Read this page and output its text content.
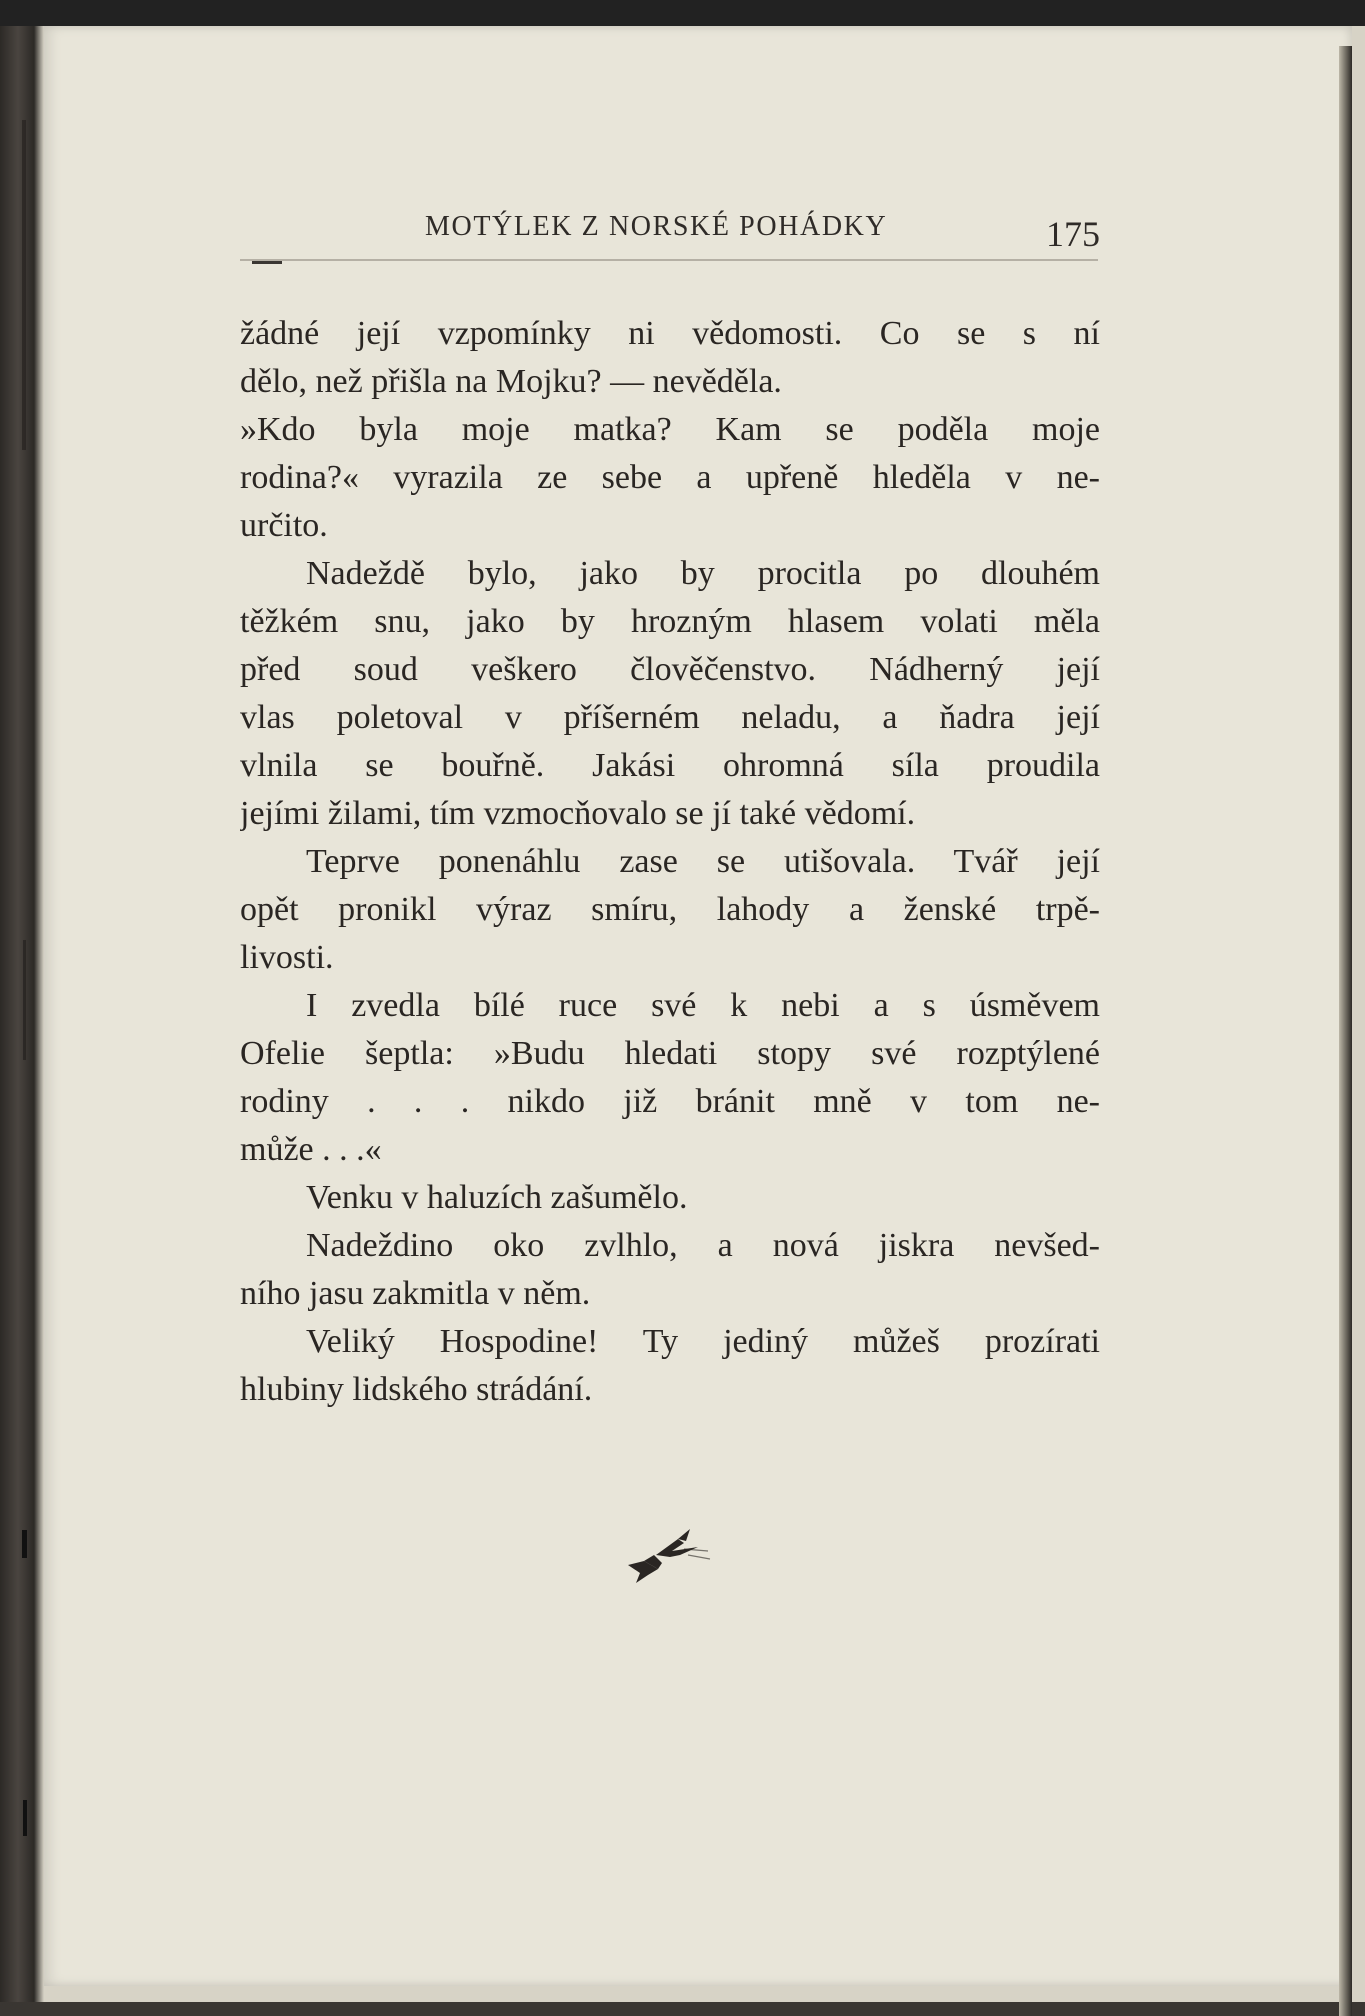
MOTÝLEK Z NORSKÉ POHÁDKY	175
žádné její vzpomínky ni vědomosti. Co se s ní
dělo, než přišla na Mojku? — nevěděla.
»Kdo byla moje matka? Kam se poděla moje
rodina?« vyrazila ze sebe a upřeně hleděla v ne-
určito.
Nadeždě bylo, jako by procitla po dlouhém
těžkém snu, jako by hrozným hlasem volati měla
před soud veškero člověčenstvo. Nádherný její
vlas poletoval v příšerném neladu, a ňadra její
vlnila se bouřně. Jakási ohromná síla proudila
jejími žilami, tím vzmocňovalo se jí také vědomí.
Teprve ponenáhlu zase se utišovala. Tvář její
opět pronikl výraz smíru, lahody a ženské trpě-
livosti.
I zvedla bílé ruce své k nebi a s úsměvem
Ofelie šeptla: »Budu hledati stopy své rozptýlené
rodiny . . . nikdo již bránit mně v tom ne-
může . . .«
Venku v haluzích zašumělo.
Nadeždino oko zvlhlo, a nová jiskra nevšed-
ního jasu zakmitla v něm.
Veliký Hospodine! Ty jediný můžeš prozírati
hlubiny lidského strádání.
